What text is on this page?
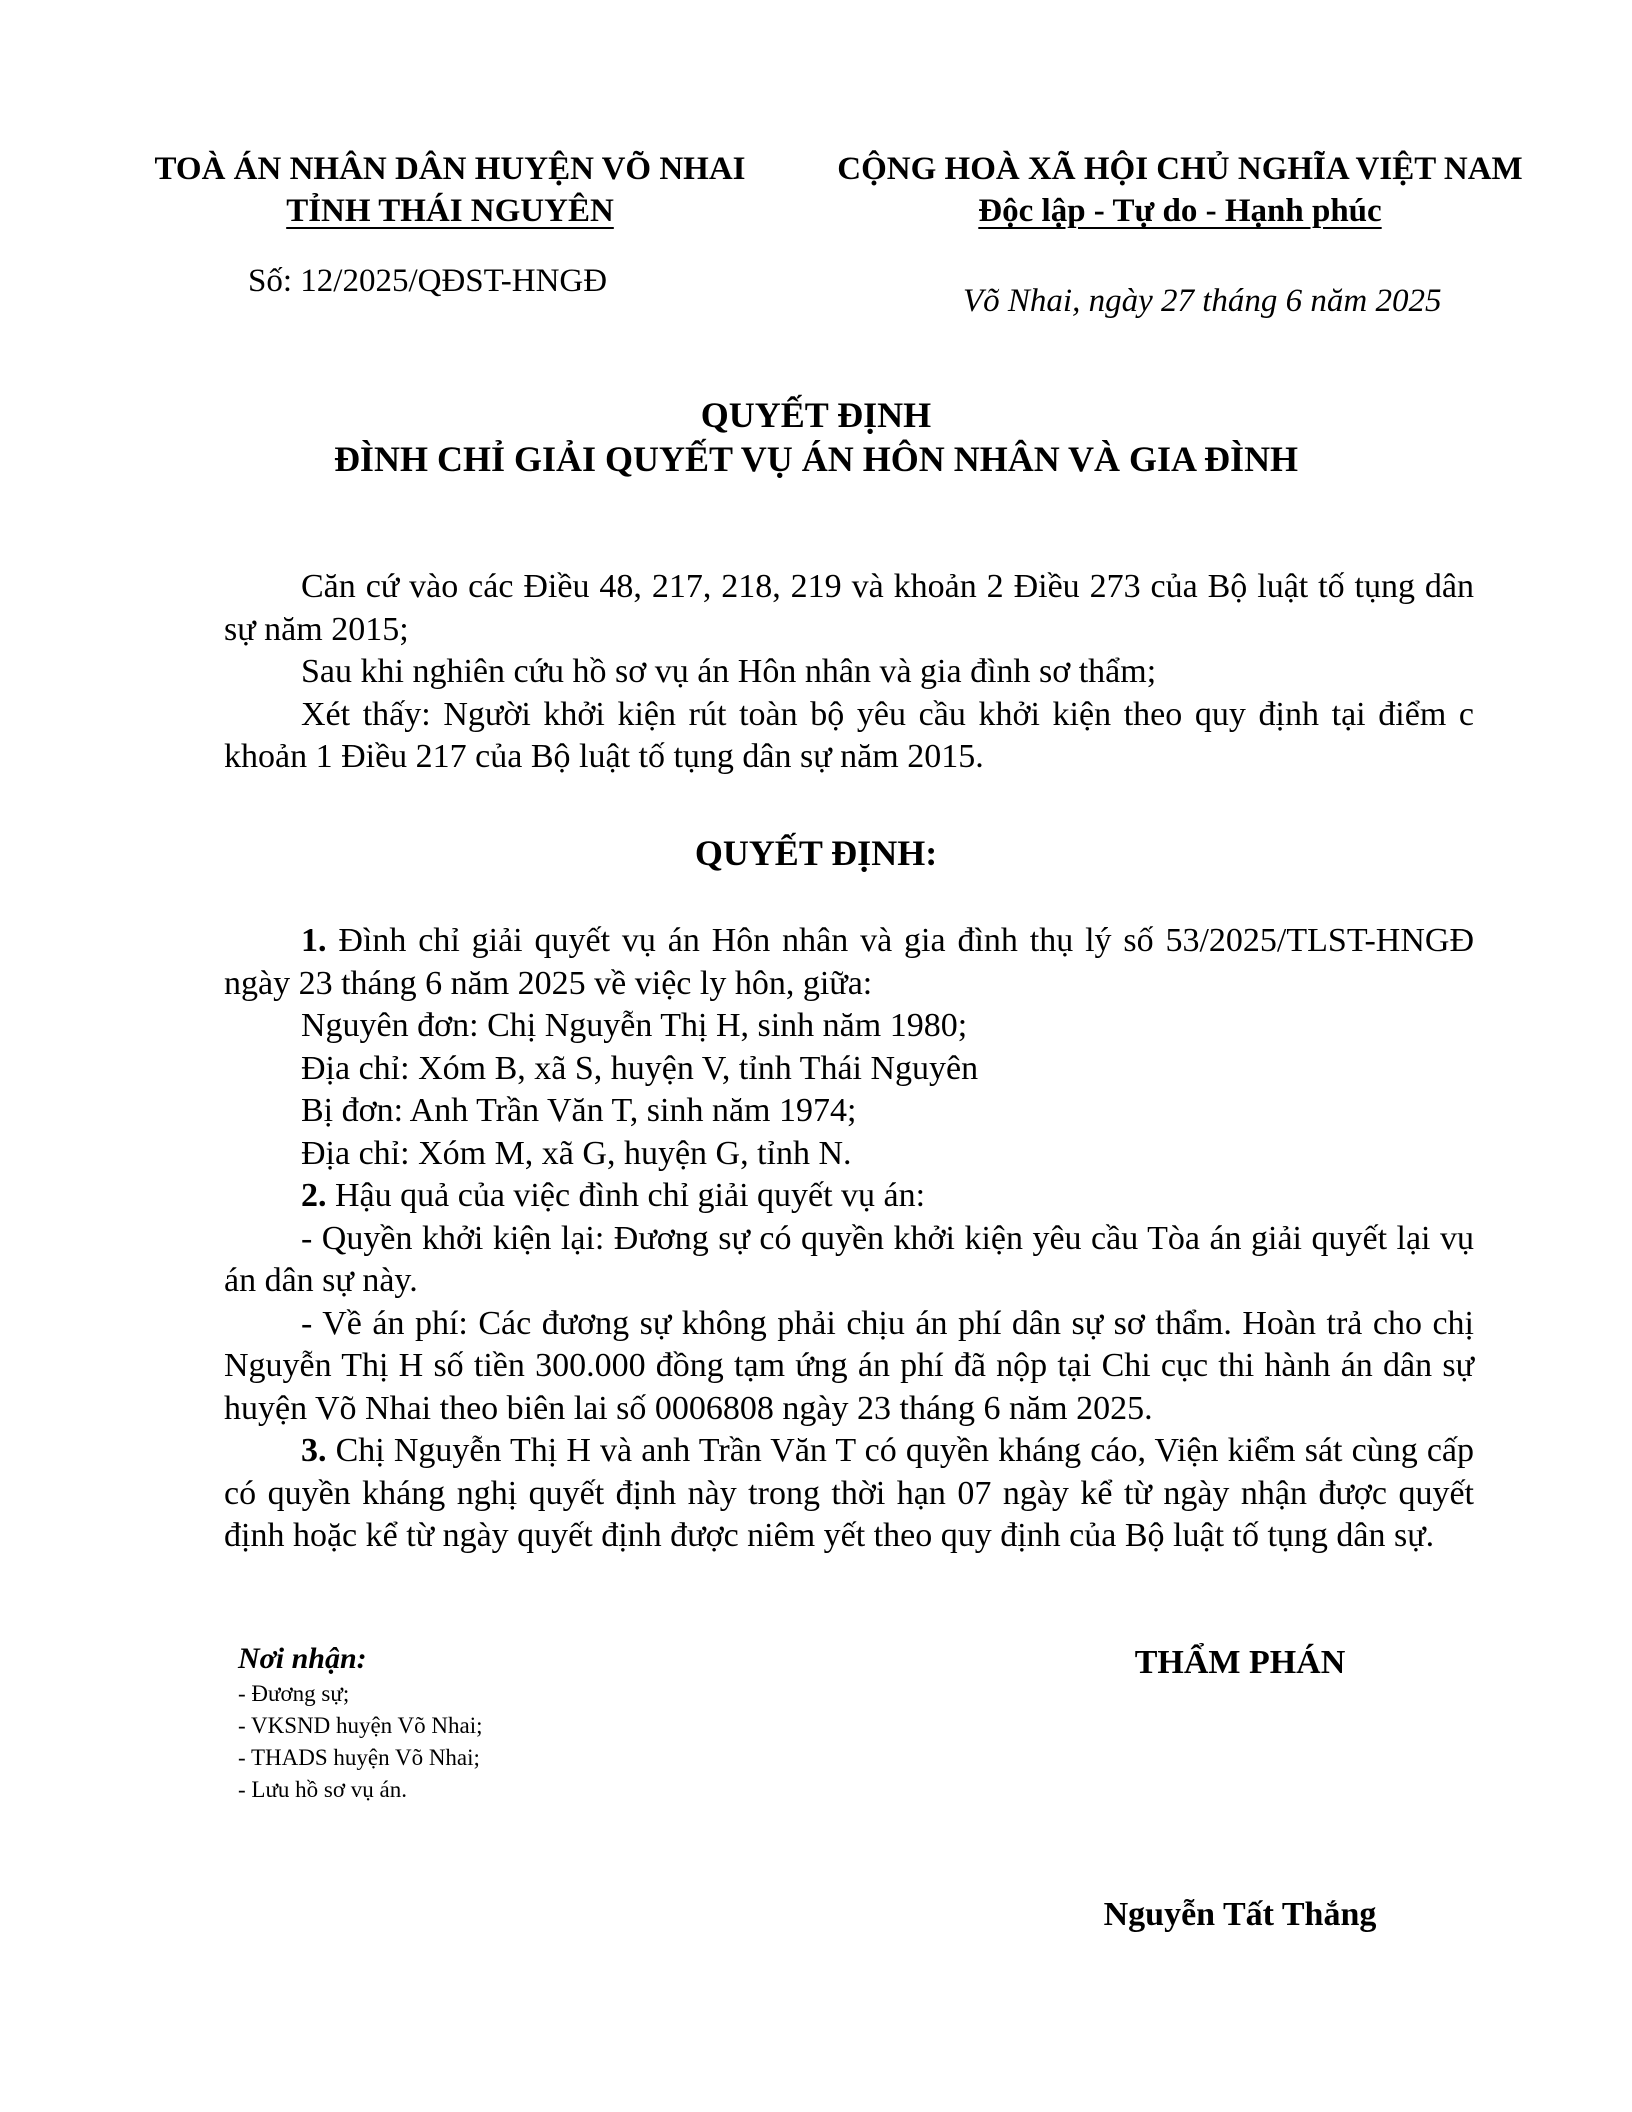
TOÀ ÁN NHÂN DÂN HUYỆN VÕ NHAI
TỈNH THÁI NGUYÊN
Số: 12/2025/QĐST-HNGĐ
CỘNG HOÀ XÃ HỘI CHỦ NGHĨA VIỆT NAM
Độc lập - Tự do - Hạnh phúc
Võ Nhai, ngày 27 tháng 6 năm 2025
QUYẾT ĐỊNH
ĐÌNH CHỈ GIẢI QUYẾT VỤ ÁN HÔN NHÂN VÀ GIA ĐÌNH

Căn cứ vào các Điều 48, 217, 218, 219 và khoản 2 Điều 273 của Bộ luật tố tụng dân sự năm 2015;

Sau khi nghiên cứu hồ sơ vụ án Hôn nhân và gia đình sơ thẩm;

Xét thấy: Người khởi kiện rút toàn bộ yêu cầu khởi kiện theo quy định tại điểm c khoản 1 Điều 217 của Bộ luật tố tụng dân sự năm 2015.

QUYẾT ĐỊNH:

1. Đình chỉ giải quyết vụ án Hôn nhân và gia đình thụ lý số 53/2025/TLST-HNGĐ ngày 23 tháng 6 năm 2025 về việc ly hôn, giữa:

Nguyên đơn: Chị Nguyễn Thị H, sinh năm 1980;

Địa chỉ: Xóm B, xã S, huyện V, tỉnh Thái Nguyên

Bị đơn: Anh Trần Văn T, sinh năm 1974;

Địa chỉ: Xóm M, xã G, huyện G, tỉnh N.

2. Hậu quả của việc đình chỉ giải quyết vụ án:

- Quyền khởi kiện lại: Đương sự có quyền khởi kiện yêu cầu Tòa án giải quyết lại vụ án dân sự này.

- Về án phí: Các đương sự không phải chịu án phí dân sự sơ thẩm. Hoàn trả cho chị Nguyễn Thị H số tiền 300.000 đồng tạm ứng án phí đã nộp tại Chi cục thi hành án dân sự huyện Võ Nhai theo biên lai số 0006808 ngày 23 tháng 6 năm 2025.

3. Chị Nguyễn Thị H và anh Trần Văn T có quyền kháng cáo, Viện kiểm sát cùng cấp có quyền kháng nghị quyết định này trong thời hạn 07 ngày kể từ ngày nhận được quyết định hoặc kể từ ngày quyết định được niêm yết theo quy định của Bộ luật tố tụng dân sự.

Nơi nhận:
- Đương sự;
- VKSND huyện Võ Nhai;
- THADS huyện Võ Nhai;
- Lưu hồ sơ vụ án.
THẨM PHÁN
Nguyễn Tất Thắng
